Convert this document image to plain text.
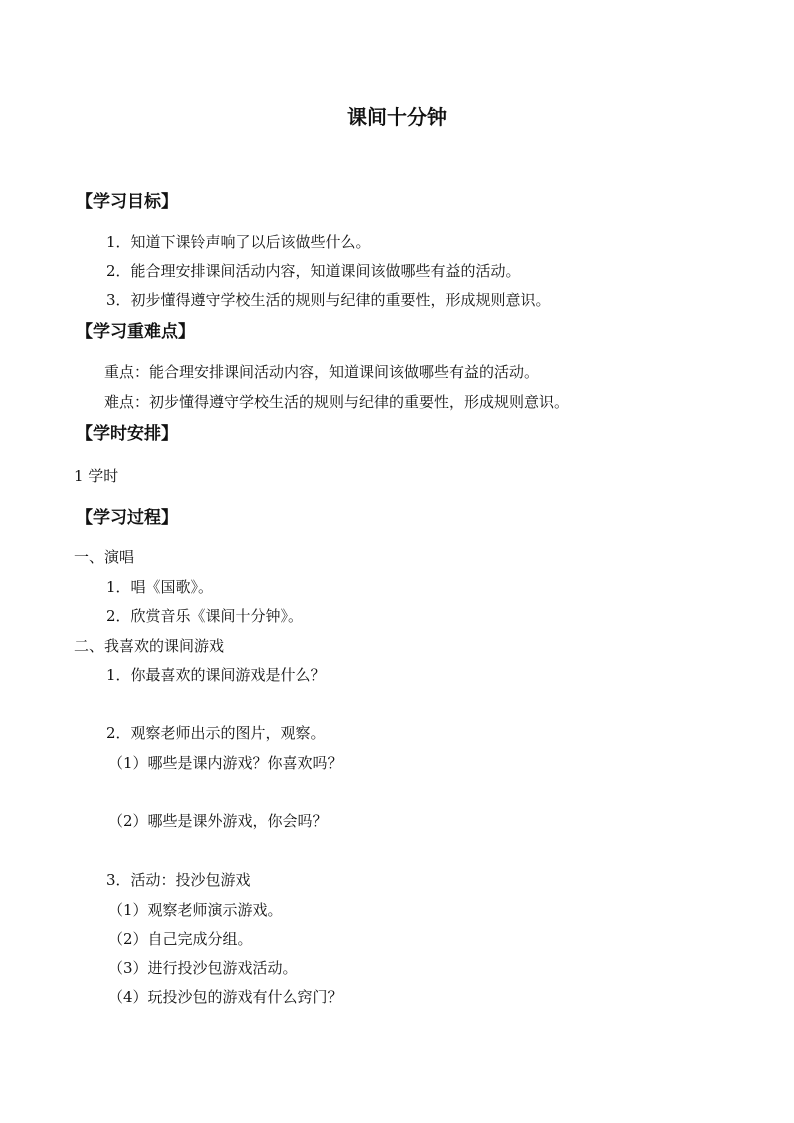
课间十分钟
【学习目标】
1．知道下课铃声响了以后该做些什么。
2．能合理安排课间活动内容，知道课间该做哪些有益的活动。
3．初步懂得遵守学校生活的规则与纪律的重要性，形成规则意识。
【学习重难点】
重点：能合理安排课间活动内容，知道课间该做哪些有益的活动。
难点：初步懂得遵守学校生活的规则与纪律的重要性，形成规则意识。
【学时安排】
1 学时
【学习过程】
一、演唱
1．唱《国歌》。
2．欣赏音乐《课间十分钟》。
二、我喜欢的课间游戏
1．你最喜欢的课间游戏是什么？
2．观察老师出示的图片，观察。
（1）哪些是课内游戏？你喜欢吗？
（2）哪些是课外游戏，你会吗？
3．活动：投沙包游戏
（1）观察老师演示游戏。
（2）自己完成分组。
（3）进行投沙包游戏活动。
（4）玩投沙包的游戏有什么窍门？
